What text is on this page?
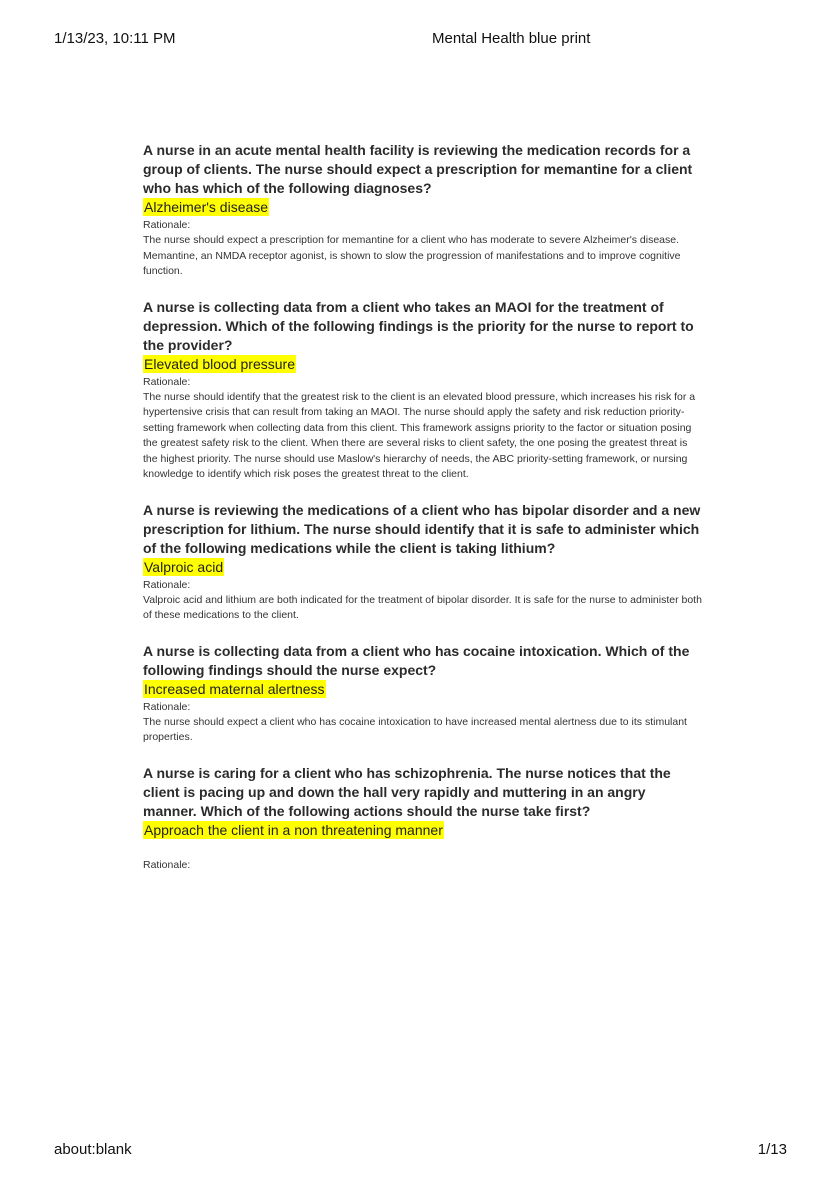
1/13/23, 10:11 PM	Mental Health blue print

A nurse in an acute mental health facility is reviewing the medication records for a group of clients. The nurse should expect a prescription for memantine for a client who has which of the following diagnoses?

Alzheimer's disease
Rationale:

The nurse should expect a prescription for memantine for a client who has moderate to severe Alzheimer's disease. Memantine, an NMDA receptor agonist, is shown to slow the progression of manifestations and to improve cognitive function.

A nurse is collecting data from a client who takes an MAOI for the treatment of depression. Which of the following findings is the priority for the nurse to report to the provider?

Elevated blood pressure
Rationale:

The nurse should identify that the greatest risk to the client is an elevated blood pressure, which increases his risk for a hypertensive crisis that can result from taking an MAOI. The nurse should apply the safety and risk reduction priority-setting framework when collecting data from this client. This framework assigns priority to the factor or situation posing the greatest safety risk to the client. When there are several risks to client safety, the one posing the greatest threat is the highest priority. The nurse should use Maslow's hierarchy of needs, the ABC priority-setting framework, or nursing knowledge to identify which risk poses the greatest threat to the client.

A nurse is reviewing the medications of a client who has bipolar disorder and a new prescription for lithium. The nurse should identify that it is safe to administer which of the following medications while the client is taking lithium?

Valproic acid
Rationale:

Valproic acid and lithium are both indicated for the treatment of bipolar disorder. It is safe for the nurse to administer both of these medications to the client.

A nurse is collecting data from a client who has cocaine intoxication. Which of the following findings should the nurse expect?

Increased maternal alertness
Rationale:

The nurse should expect a client who has cocaine intoxication to have increased mental alertness due to its stimulant properties.

A nurse is caring for a client who has schizophrenia. The nurse notices that the client is pacing up and down the hall very rapidly and muttering in an angry manner. Which of the following actions should the nurse take first?

Approach the client in a non threatening manner
Rationale:
about:blank	1/13
